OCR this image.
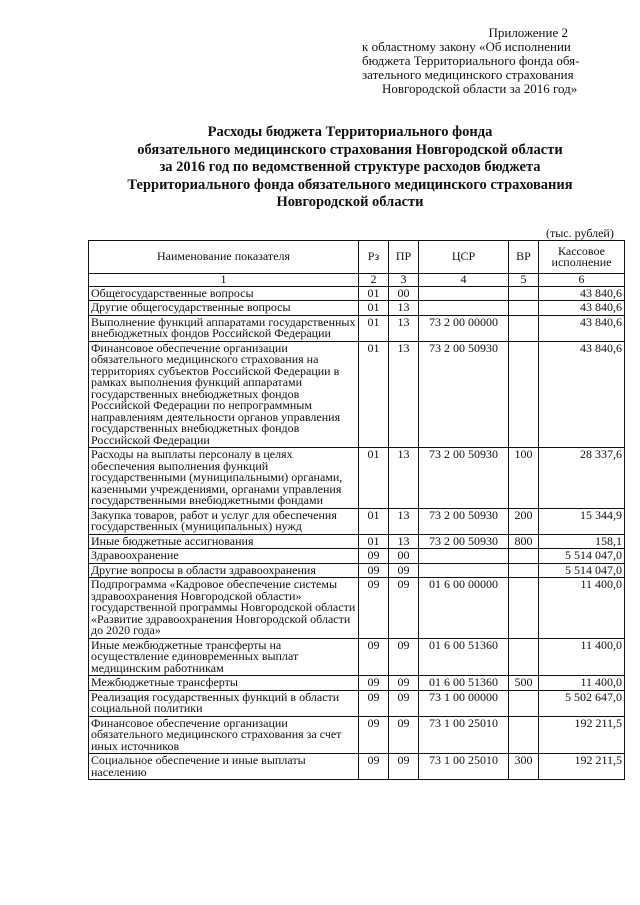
Приложение 2
к областному закону «Об исполнении
бюджета Территориального фонда обя-
зательного медицинского страхования
Новгородской области за 2016 год»
Расходы бюджета Территориального фонда
обязательного медицинского страхования Новгородской области
за 2016 год по ведомственной структуре расходов бюджета
Территориального фонда обязательного медицинского страхования
Новгородской области
(тыс. рублей)
Наименование показателя	Рз	ПР	ЦСР	ВР	Кассовое исполнение
1	2	3	4	5	6
Общегосударственные вопросы	01	00			43 840,6
Другие общегосударственные вопросы	01	13			43 840,6
Выполнение функций аппаратами государственных внебюджетных фондов Российской Федерации	01	13	73 2 00 00000		43 840,6
Финансовое обеспечение организации обязательного медицинского страхования на территориях субъектов Российской Федерации в рамках выполнения функций аппаратами государственных внебюджетных фондов Российской Федерации по непрограммным направлениям деятельности органов управления государственных внебюджетных фондов Российской Федерации	01	13	73 2 00 50930		43 840,6
Расходы на выплаты персоналу в целях обеспечения выполнения функций государственными (муниципальными) органами, казенными учреждениями, органами управления государственными внебюджетными фондами	01	13	73 2 00 50930	100	28 337,6
Закупка товаров, работ и услуг для обеспечения государственных (муниципальных) нужд	01	13	73 2 00 50930	200	15 344,9
Иные бюджетные ассигнования	01	13	73 2 00 50930	800	158,1
Здравоохранение	09	00			5 514 047,0
Другие вопросы в области здравоохранения	09	09			5 514 047,0
Подпрограмма «Кадровое обеспечение системы здравоохранения Новгородской области» государственной программы Новгородской области «Развитие здравоохранения Новгородской области до 2020 года»	09	09	01 6 00 00000		11 400,0
Иные межбюджетные трансферты на осуществление единовременных выплат медицинским работникам	09	09	01 6 00 51360		11 400,0
Межбюджетные трансферты	09	09	01 6 00 51360	500	11 400,0
Реализация государственных функций в области социальной политики	09	09	73 1 00 00000		5 502 647,0
Финансовое обеспечение организации обязательного медицинского страхования за счет иных источников	09	09	73 1 00 25010		192 211,5
Социальное обеспечение и иные выплаты населению	09	09	73 1 00 25010	300	192 211,5
